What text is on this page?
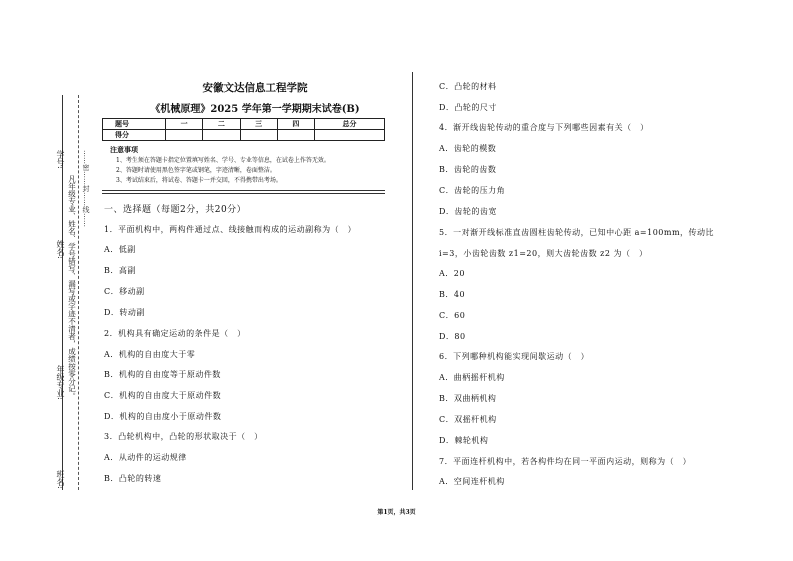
学号:
姓名:
年级专业:
班名:
凡年级专业、姓名、学号错写、漏写或字迹不清者，成绩按零分记。 ……密……封……线……
安徽文达信息工程学院
《机械原理》2025 学年第一学期期末试卷(B)
题号	一	二	三	四	总分
得分					
注意事项
1、考生须在答题卡指定位置填写姓名、学号、专业等信息，在试卷上作答无效。
2、答题时请使用黑色签字笔或钢笔，字迹清晰，卷面整洁。
3、考试结束后，将试卷、答题卡一并交回，不得携带出考场。
一、选择题（每题2分，共20分）
1．平面机构中，两构件通过点、线接触而构成的运动副称为（　）
A．低副
B．高副
C．移动副
D．转动副
2．机构具有确定运动的条件是（　）
A．机构的自由度大于零
B．机构的自由度等于原动件数
C．机构的自由度大于原动件数
D．机构的自由度小于原动件数
3．凸轮机构中，凸轮的形状取决于（　）
A．从动件的运动规律
B．凸轮的转速
C．凸轮的材料
D．凸轮的尺寸
4．渐开线齿轮传动的重合度与下列哪些因素有关（　）
A．齿轮的模数
B．齿轮的齿数
C．齿轮的压力角
D．齿轮的齿宽
5．一对渐开线标准直齿圆柱齿轮传动，已知中心距 a=100mm，传动比
i=3，小齿轮齿数 z1=20，则大齿轮齿数 z2 为（　）
A．20
B．40
C．60
D．80
6．下列哪种机构能实现间歇运动（　）
A．曲柄摇杆机构
B．双曲柄机构
C．双摇杆机构
D．棘轮机构
7．平面连杆机构中，若各构件均在同一平面内运动，则称为（　）
A．空间连杆机构
第1页，共3页
